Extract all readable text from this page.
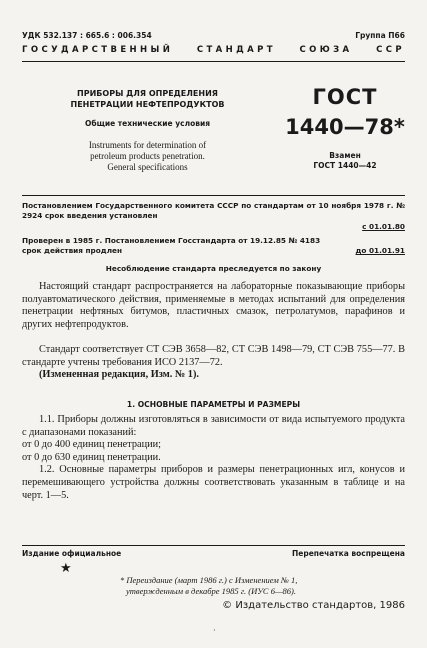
УДК 532.137 : 665.6 : 006.354	Группа П66
ГОСУДАРСТВЕННЫЙ	СТАНДАРТ	СОЮЗА	ССР
ПРИБОРЫ ДЛЯ ОПРЕДЕЛЕНИЯ
ПЕНЕТРАЦИИ НЕФТЕПРОДУКТОВ
Общие технические условия
Instruments for determination of
petroleum products penetration.
General specifications
ГОСТ
1440—78*
Взамен
ГОСТ 1440—42
Постановлением Государственного комитета СССР по стандартам от 10 ноября 1978 г. № 2924 срок введения установлен
с 01.01.80
Проверен в 1985 г. Постановлением Госстандарта от 19.12.85 № 4183
срок действия продлен	до 01.01.91
Несоблюдение стандарта преследуется по закону

Настоящий стандарт распространяется на лабораторные показывающие приборы полуавтоматического действия, применяемые в методах испытаний для определения пенетрации нефтяных битумов, пластичных смазок, петролатумов, парафинов и других нефтепродуктов.

Стандарт соответствует СТ СЭВ 3658—82, СТ СЭВ 1498—79, СТ СЭВ 755—77. В стандарте учтены требования ИСО 2137—72.

(Измененная редакция, Изм. № 1).

1. ОСНОВНЫЕ ПАРАМЕТРЫ И РАЗМЕРЫ

1.1. Приборы должны изготовляться в зависимости от вида испытуемого продукта с диапазонами показаний:

от 0 до 400 единиц пенетрации;

от 0 до 630 единиц пенетрации.

1.2. Основные параметры приборов и размеры пенетрационных игл, конусов и перемешивающего устройства должны соответствовать указанным в таблице и на черт. 1—5.

Издание официальное	Перепечатка воспрещена
★
* Переиздание (март 1986 г.) с Изменением № 1,
утвержденным в декабре 1985 г. (ИУС 6—86).
© Издательство стандартов, 1986
·
